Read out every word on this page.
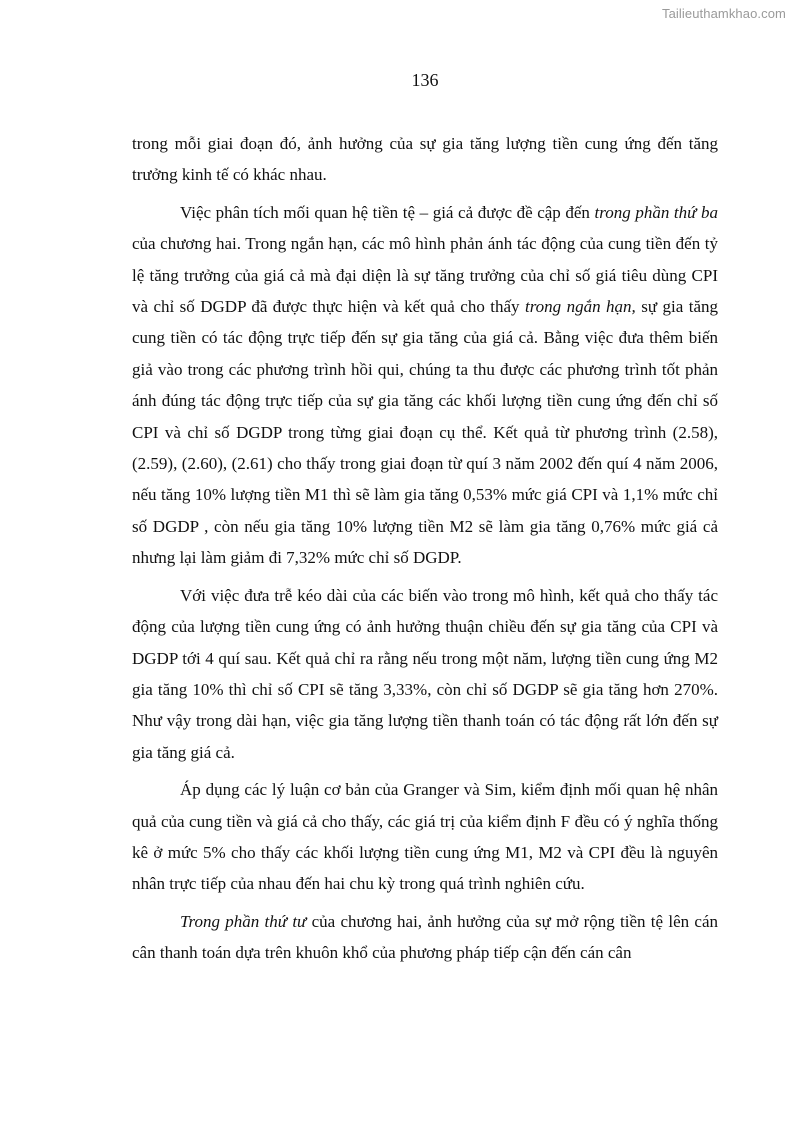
Tailieuthamkhao.com
136

trong mỗi giai đoạn đó, ảnh hưởng của sự gia tăng lượng tiền cung ứng đến tăng trưởng kinh tế có khác nhau.

Việc phân tích mối quan hệ tiền tệ – giá cả được đề cập đến trong phần thứ ba của chương hai. Trong ngắn hạn, các mô hình phản ánh tác động của cung tiền đến tỷ lệ tăng trưởng của giá cả mà đại diện là sự tăng trưởng của chỉ số giá tiêu dùng CPI và chỉ số DGDP đã được thực hiện và kết quả cho thấy trong ngắn hạn, sự gia tăng cung tiền có tác động trực tiếp đến sự gia tăng của giá cả. Bằng việc đưa thêm biến giả vào trong các phương trình hồi qui, chúng ta thu được các phương trình tốt phản ánh đúng tác động trực tiếp của sự gia tăng các khối lượng tiền cung ứng đến chỉ số CPI và chỉ số DGDP trong từng giai đoạn cụ thể. Kết quả từ phương trình (2.58), (2.59), (2.60), (2.61) cho thấy trong giai đoạn từ quí 3 năm 2002 đến quí 4 năm 2006, nếu tăng 10% lượng tiền M1 thì sẽ làm gia tăng 0,53% mức giá CPI và 1,1% mức chỉ số DGDP , còn nếu gia tăng 10% lượng tiền M2 sẽ làm gia tăng 0,76% mức giá cả nhưng lại làm giảm đi 7,32% mức chỉ số DGDP.

Với việc đưa trễ kéo dài của các biến vào trong mô hình, kết quả cho thấy tác động của lượng tiền cung ứng có ảnh hưởng thuận chiều đến sự gia tăng của CPI và DGDP tới 4 quí sau. Kết quả chỉ ra rằng nếu trong một năm, lượng tiền cung ứng M2 gia tăng 10% thì chỉ số CPI sẽ tăng 3,33%, còn chỉ số DGDP sẽ gia tăng hơn 270%. Như vậy trong dài hạn, việc gia tăng lượng tiền thanh toán có tác động rất lớn đến sự gia tăng giá cả.

Áp dụng các lý luận cơ bản của Granger và Sim, kiểm định mối quan hệ nhân quả của cung tiền và giá cả cho thấy, các giá trị của kiểm định F đều có ý nghĩa thống kê ở mức 5% cho thấy các khối lượng tiền cung ứng M1, M2 và CPI đều là nguyên nhân trực tiếp của nhau đến hai chu kỳ trong quá trình nghiên cứu.

Trong phần thứ tư của chương hai, ảnh hưởng của sự mở rộng tiền tệ lên cán cân thanh toán dựa trên khuôn khổ của phương pháp tiếp cận đến cán cân
